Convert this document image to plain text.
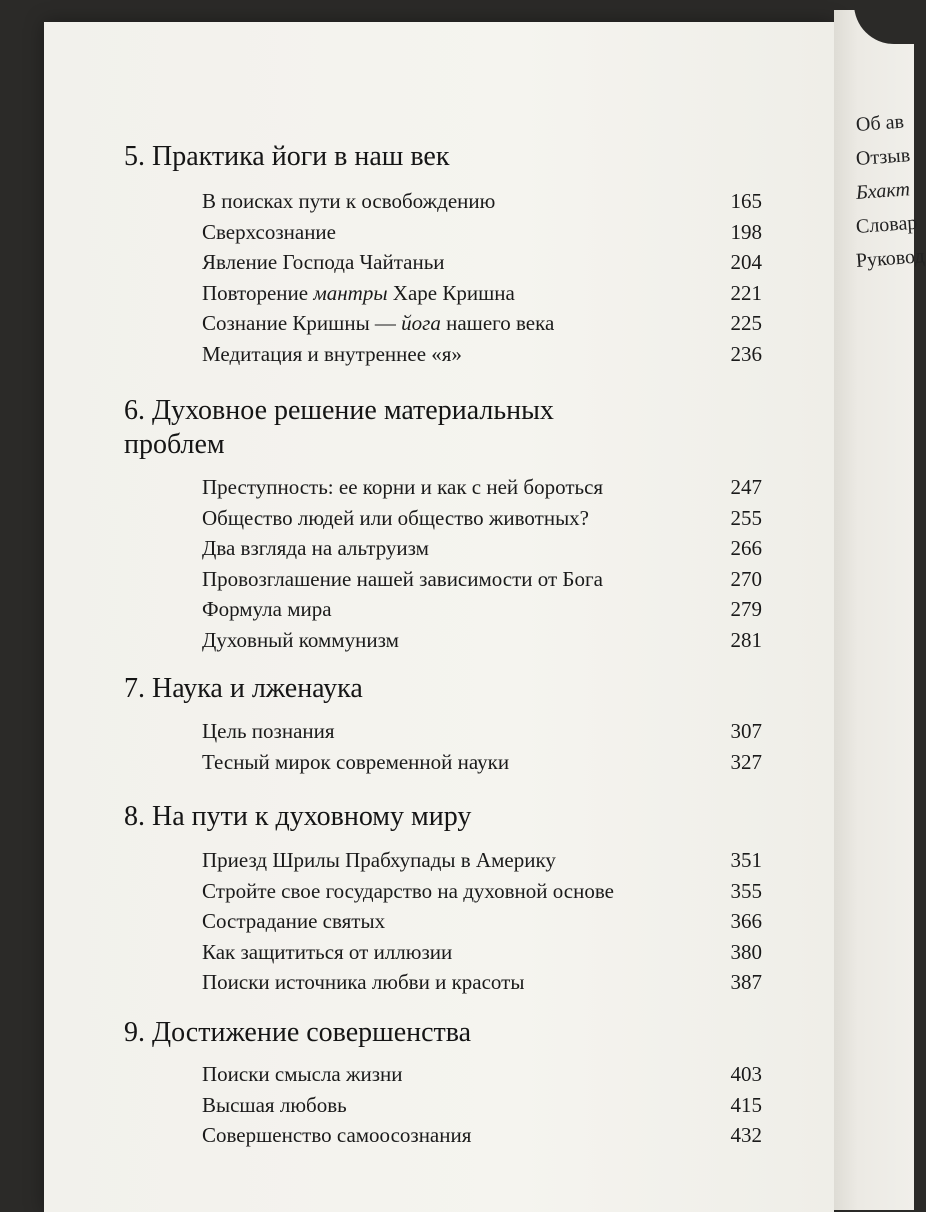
Об ав
Отзыв
Бхакт
Словар
Руковод
5. Практика йоги в наш век
В поисках пути к освобождению	165
Сверхсознание	198
Явление Господа Чайтаньи	204
Повторение мантры Харе Кришна	221
Сознание Кришны — йога нашего века	225
Медитация и внутреннее «я»	236
6. Духовное решение материальных
проблем
Преступность: ее корни и как с ней бороться	247
Общество людей или общество животных?	255
Два взгляда на альтруизм	266
Провозглашение нашей зависимости от Бога	270
Формула мира	279
Духовный коммунизм	281
7. Наука и лженаука
Цель познания	307
Тесный мирок современной науки	327
8. На пути к духовному миру
Приезд Шрилы Прабхупады в Америку	351
Стройте свое государство на духовной основе	355
Сострадание святых	366
Как защититься от иллюзии	380
Поиски источника любви и красоты	387
9. Достижение совершенства
Поиски смысла жизни	403
Высшая любовь	415
Совершенство самоосознания	432
